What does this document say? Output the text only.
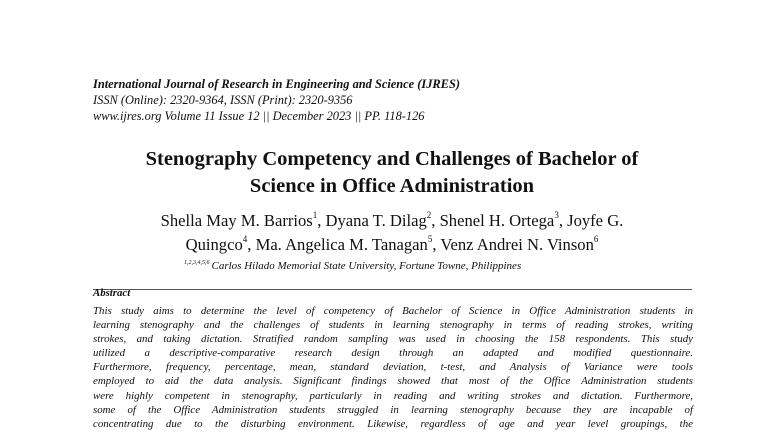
International Journal of Research in Engineering and Science (IJRES)
ISSN (Online): 2320-9364, ISSN (Print): 2320-9356
www.ijres.org Volume 11 Issue 12 || December 2023 || PP. 118-126
Stenography Competency and Challenges of Bachelor of
Science in Office Administration
Shella May M. Barrios$^1$, Dyana T. Dilag$^2$, Shenel H. Ortega$^3$, Joyfe G.
Quingco$^4$, Ma. Angelica M. Tanagan$^5$, Venz Andrei N. Vinson$^6$
$^{1,2,3,4,5,6}$ Carlos Hilado Memorial State University, Fortune Towne, Philippines
Abstract
This study aims to determine the level of competency of Bachelor of Science in Office Administration students in
learning stenography and the challenges of students in learning stenography in terms of reading strokes, writing
strokes, and taking dictation. Stratified random sampling was used in choosing the 158 respondents. This study
utilized a descriptive-comparative research design through an adapted and modified questionnaire.
Furthermore, frequency, percentage, mean, standard deviation, t-test, and Analysis of Variance were tools
employed to aid the data analysis. Significant findings showed that most of the Office Administration students
were highly competent in stenography, particularly in reading and writing strokes and dictation. Furthermore,
some of the Office Administration students struggled in learning stenography because they are incapable of
concentrating due to the disturbing environment. Likewise, regardless of age and year level groupings, the
